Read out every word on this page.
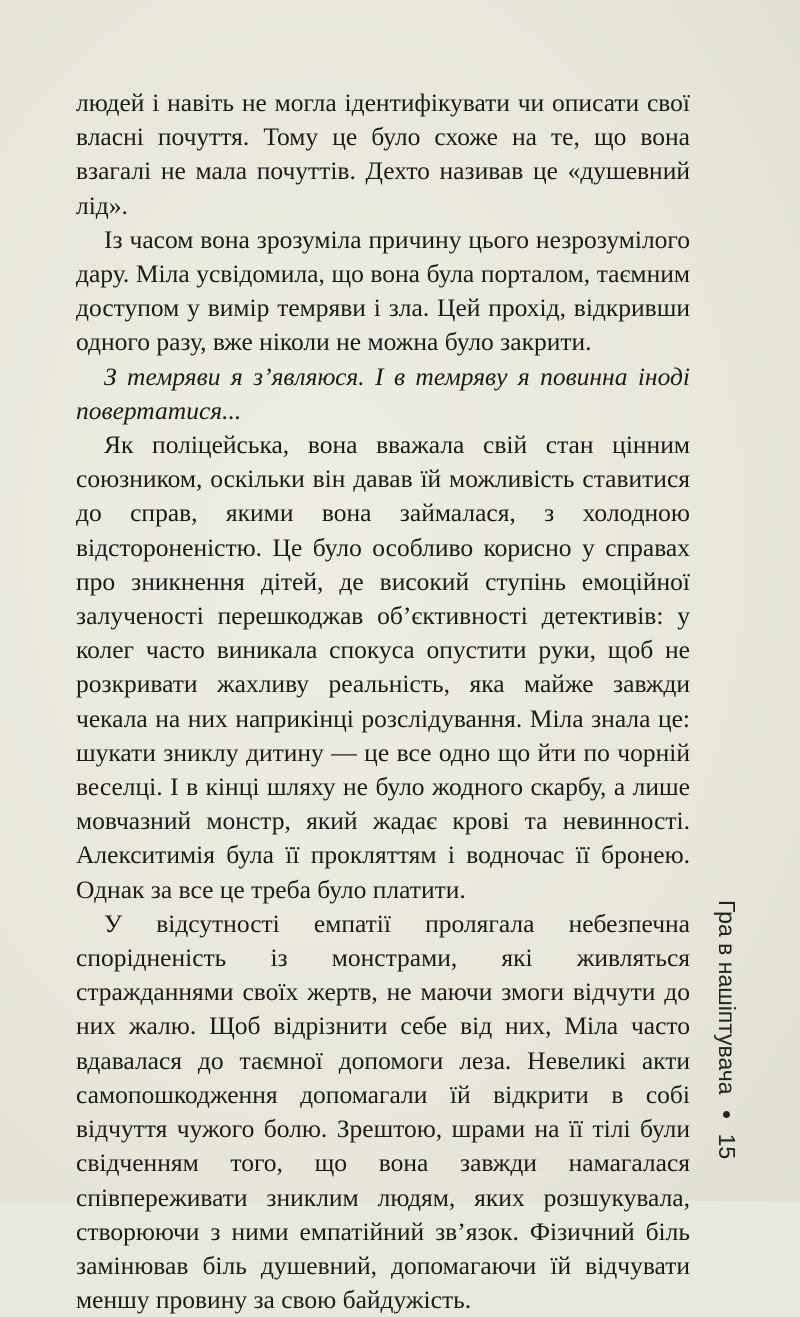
людей і навіть не могла ідентифікувати чи описати свої власні почуття. Тому це було схоже на те, що вона взагалі не мала почуттів. Дехто називав це «душевний лід».

Із часом вона зрозуміла причину цього незрозумілого дару. Міла усвідомила, що вона була порталом, таємним доступом у вимір темряви і зла. Цей прохід, відкривши одного разу, вже ніколи не можна було закрити.

З темряви я з’являюся. І в темряву я повинна іноді повертатися...

Як поліцейська, вона вважала свій стан цінним союзником, оскільки він давав їй можливість ставитися до справ, якими вона займалася, з холодною відстороненістю. Це було особливо корисно у справах про зникнення дітей, де високий ступінь емоційної залученості перешкоджав об’єктивності детективів: у колег часто виникала спокуса опустити руки, щоб не розкривати жахливу реальність, яка майже завжди чекала на них наприкінці розслідування. Міла знала це: шукати зниклу дитину — це все одно що йти по чорній веселці. І в кінці шляху не було жодного скарбу, а лише мовчазний монстр, який жадає крові та невинності. Алекситимія була її прокляттям і водночас її бронею. Однак за все це треба було платити.

У відсутності емпатії пролягала небезпечна спорідненість із монстрами, які живляться стражданнями своїх жертв, не маючи змоги відчути до них жалю. Щоб відрізнити себе від них, Міла часто вдавалася до таємної допомоги леза. Невеликі акти самопошкодження допомагали їй відкрити в собі відчуття чужого болю. Зрештою, шрами на її тілі були свідченням того, що вона завжди намагалася співпереживати зниклим людям, яких розшукувала, створюючи з ними емпатійний зв’язок. Фізичний біль замінював біль душевний, допомагаючи їй відчувати меншу провину за свою байдужість.

Гра в нашіптувача
15
